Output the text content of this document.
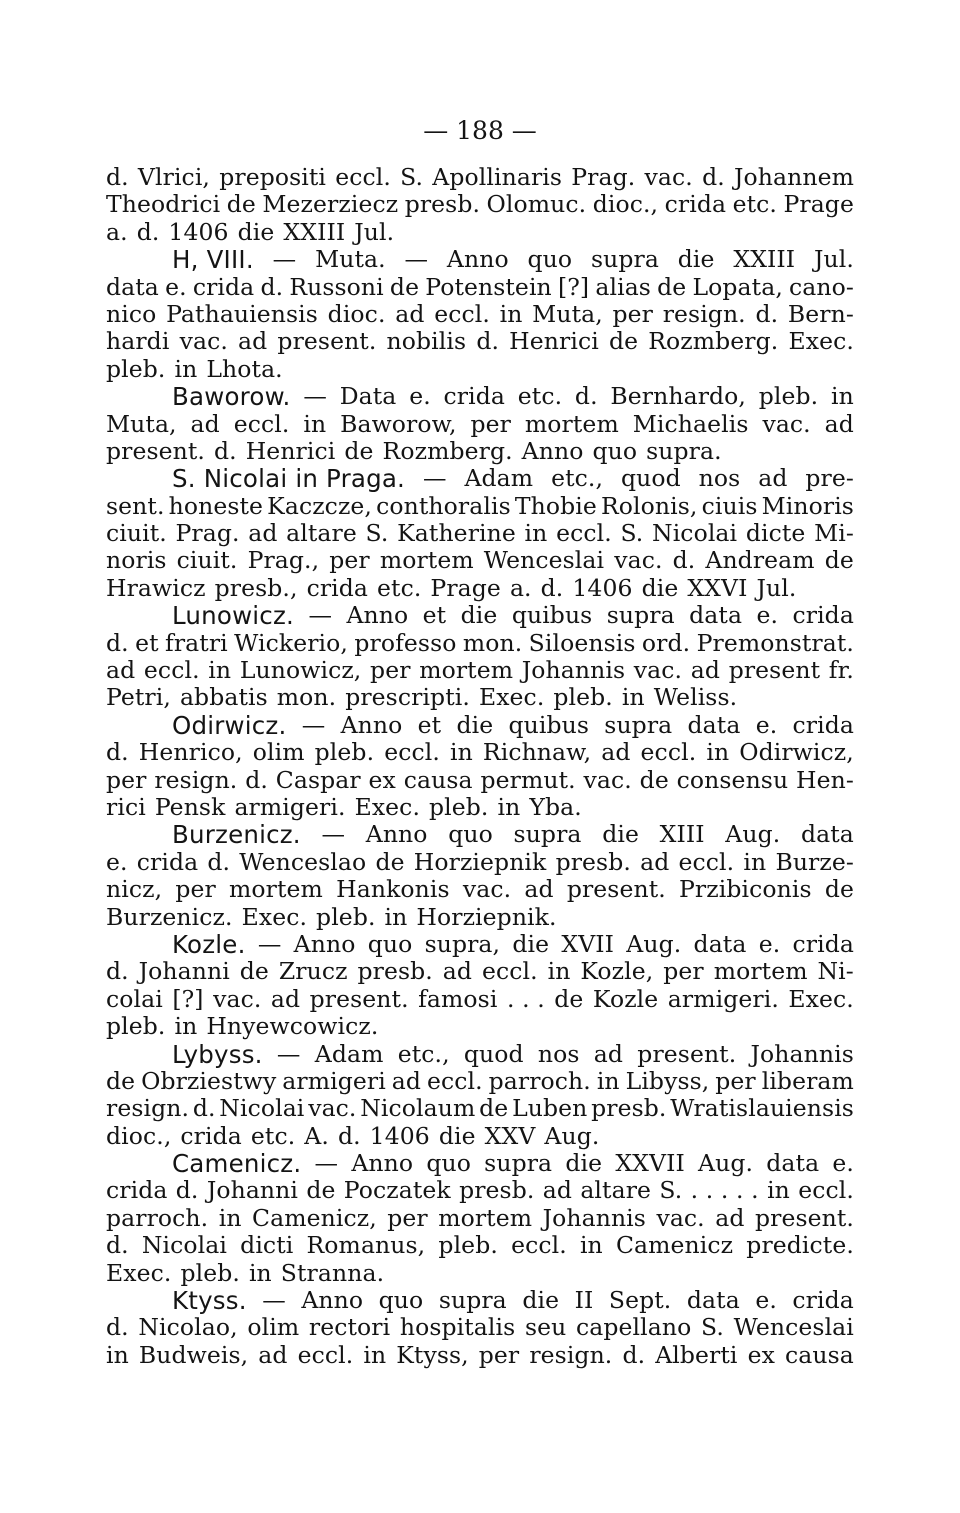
— 188 —
d. Vlrici, prepositi eccl. S. Apollinaris Prag. vac. d. Johannem
Theodrici de Mezerziecz presb. Olomuc. dioc., crida etc. Prage
a. d. 1406 die XXIII Jul.
H, VIII. — Muta. — Anno quo supra die XXIII Jul.
data e. crida d. Russoni de Potenstein [?] alias de Lopata, cano-
nico Pathauiensis dioc. ad eccl. in Muta, per resign. d. Bern-
hardi vac. ad present. nobilis d. Henrici de Rozmberg. Exec.
pleb. in Lhota.
Baworow. — Data e. crida etc. d. Bernhardo, pleb. in
Muta, ad eccl. in Baworow, per mortem Michaelis vac. ad
present. d. Henrici de Rozmberg. Anno quo supra.
S. Nicolai in Praga. — Adam etc., quod nos ad pre-
sent. honeste Kaczcze, conthoralis Thobie Rolonis, ciuis Minoris
ciuit. Prag. ad altare S. Katherine in eccl. S. Nicolai dicte Mi-
noris ciuit. Prag., per mortem Wenceslai vac. d. Andream de
Hrawicz presb., crida etc. Prage a. d. 1406 die XXVI Jul.
Lunowicz. — Anno et die quibus supra data e. crida
d. et fratri Wickerio, professo mon. Siloensis ord. Premonstrat.
ad eccl. in Lunowicz, per mortem Johannis vac. ad present fr.
Petri, abbatis mon. prescripti. Exec. pleb. in Weliss.
Odirwicz. — Anno et die quibus supra data e. crida
d. Henrico, olim pleb. eccl. in Richnaw, ad eccl. in Odirwicz,
per resign. d. Caspar ex causa permut. vac. de consensu Hen-
rici Pensk armigeri. Exec. pleb. in Yba.
Burzenicz. — Anno quo supra die XIII Aug. data
e. crida d. Wenceslao de Horziepnik presb. ad eccl. in Burze-
nicz, per mortem Hankonis vac. ad present. Przibiconis de
Burzenicz. Exec. pleb. in Horziepnik.
Kozle. — Anno quo supra, die XVII Aug. data e. crida
d. Johanni de Zrucz presb. ad eccl. in Kozle, per mortem Ni-
colai [?] vac. ad present. famosi . . . de Kozle armigeri. Exec.
pleb. in Hnyewcowicz.
Lybyss. — Adam etc., quod nos ad present. Johannis
de Obrziestwy armigeri ad eccl. parroch. in Libyss, per liberam
resign. d. Nicolai vac. Nicolaum de Luben presb. Wratislauiensis
dioc., crida etc. A. d. 1406 die XXV Aug.
Camenicz. — Anno quo supra die XXVII Aug. data e.
crida d. Johanni de Poczatek presb. ad altare S. . . . . . in eccl.
parroch. in Camenicz, per mortem Johannis vac. ad present.
d. Nicolai dicti Romanus, pleb. eccl. in Camenicz predicte.
Exec. pleb. in Stranna.
Ktyss. — Anno quo supra die II Sept. data e. crida
d. Nicolao, olim rectori hospitalis seu capellano S. Wenceslai
in Budweis, ad eccl. in Ktyss, per resign. d. Alberti ex causa
